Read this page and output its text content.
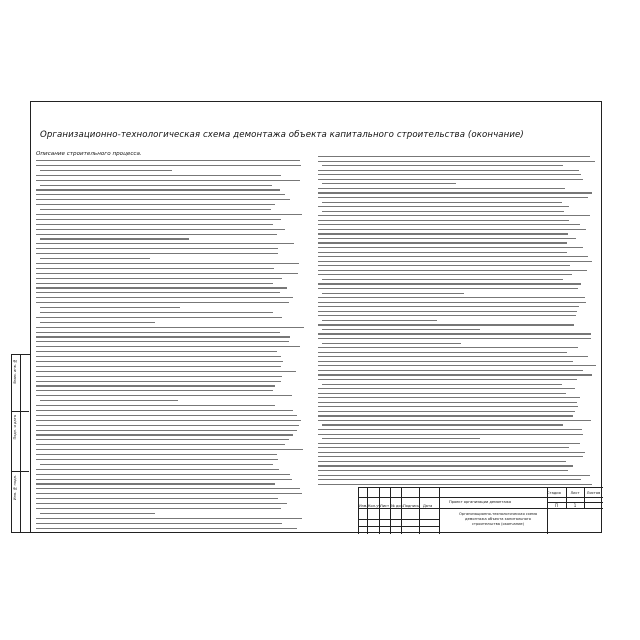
Организационно-технологическая схема демонтажа объекта капитального строительства (окончание)
Описание строительного процесса.
Взам. инв. №
Подп. и дата
Инв. № подл.
Изм. Кол.уч Лист № док. Подпись Дата
Проект организации демонтажа
Стадия	Лист	Листов
П	1
Организационно-технологическая схема демонтажа объекта капитального строительства (окончание)
